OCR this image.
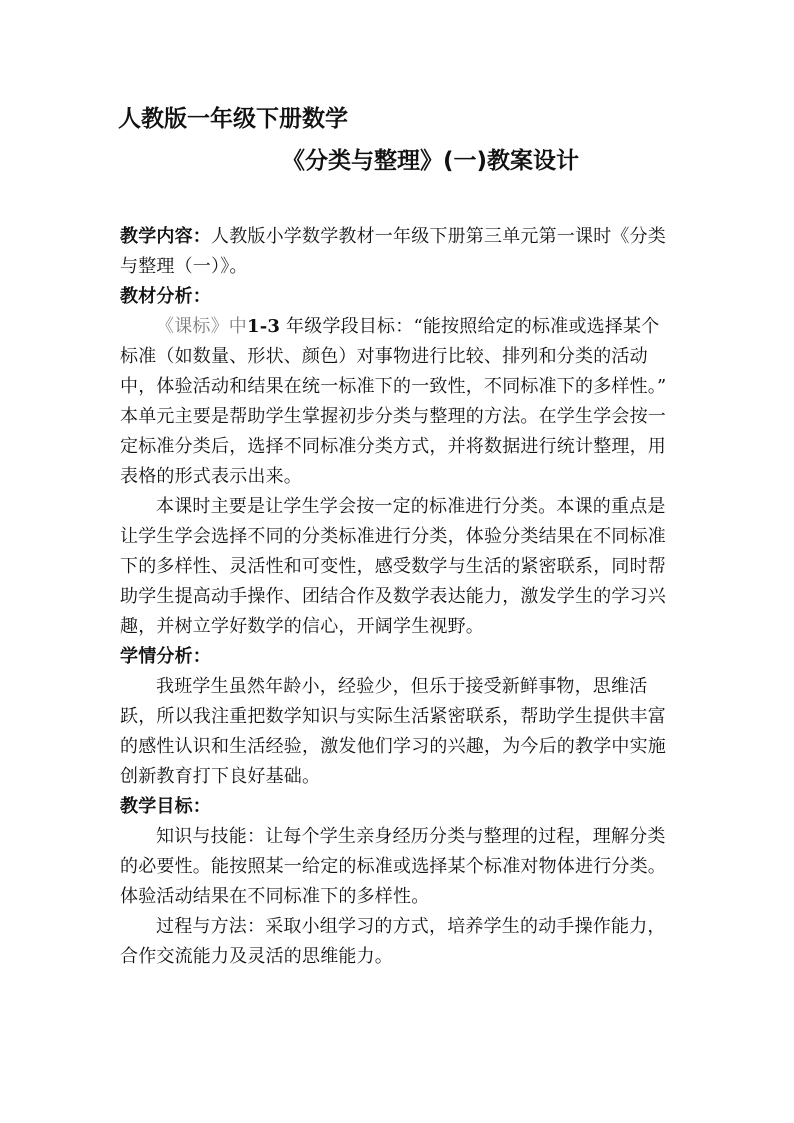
人教版一年级下册数学
《分类与整理》(一)教案设计

教学内容：人教版小学数学教材一年级下册第三单元第一课时《分类与整理（一）》。

教材分析：

《课标》中1-3 年级学段目标：“能按照给定的标准或选择某个标准（如数量、形状、颜色）对事物进行比较、排列和分类的活动中，体验活动和结果在统一标准下的一致性，不同标准下的多样性。”

本单元主要是帮助学生掌握初步分类与整理的方法。在学生学会按一定标准分类后，选择不同标准分类方式，并将数据进行统计整理，用表格的形式表示出来。

本课时主要是让学生学会按一定的标准进行分类。本课的重点是让学生学会选择不同的分类标准进行分类，体验分类结果在不同标准下的多样性、灵活性和可变性，感受数学与生活的紧密联系，同时帮助学生提高动手操作、团结合作及数学表达能力，激发学生的学习兴趣，并树立学好数学的信心，开阔学生视野。

学情分析：

我班学生虽然年龄小，经验少，但乐于接受新鲜事物，思维活跃，所以我注重把数学知识与实际生活紧密联系，帮助学生提供丰富的感性认识和生活经验，激发他们学习的兴趣，为今后的教学中实施创新教育打下良好基础。

教学目标：

知识与技能：让每个学生亲身经历分类与整理的过程，理解分类的必要性。能按照某一给定的标准或选择某个标准对物体进行分类。体验活动结果在不同标准下的多样性。

过程与方法：采取小组学习的方式，培养学生的动手操作能力，合作交流能力及灵活的思维能力。
